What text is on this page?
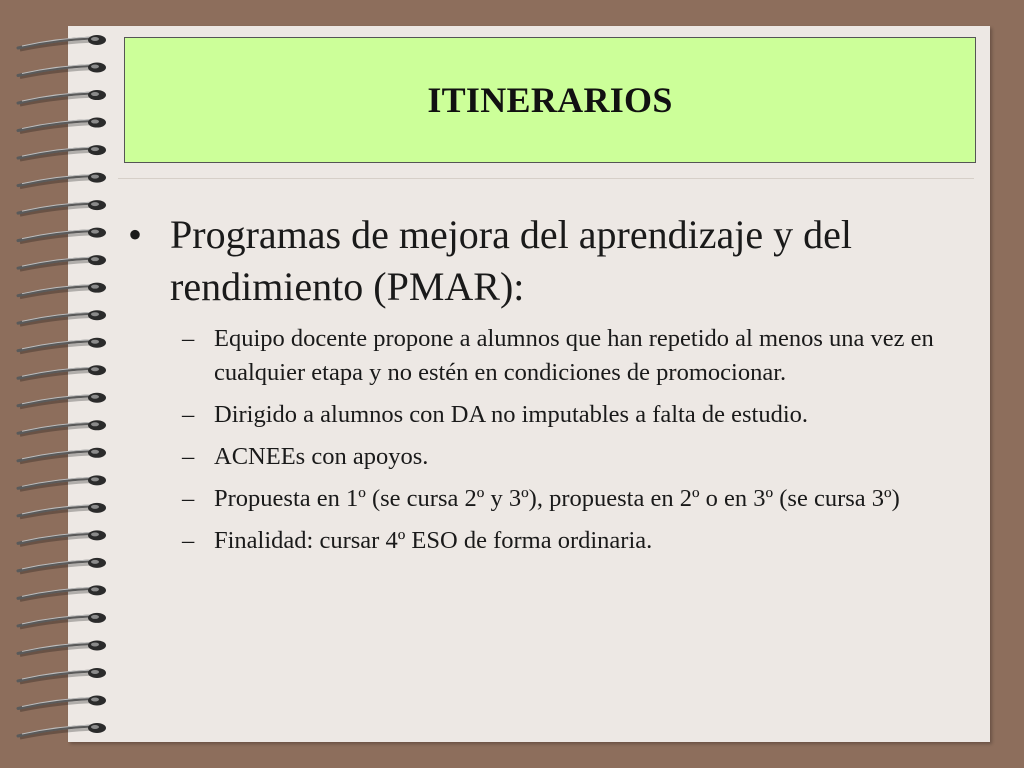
ITINERARIOS
• Programas de mejora del aprendizaje y del rendimiento (PMAR):
– Equipo docente propone a alumnos que han repetido al menos una vez en cualquier etapa y no estén en condiciones de promocionar.
– Dirigido a alumnos con DA no imputables a falta de estudio.
– ACNEEs con apoyos.
– Propuesta en 1º (se cursa 2º y 3º), propuesta en 2º o en 3º (se cursa 3º)
– Finalidad: cursar 4º ESO de forma ordinaria.
